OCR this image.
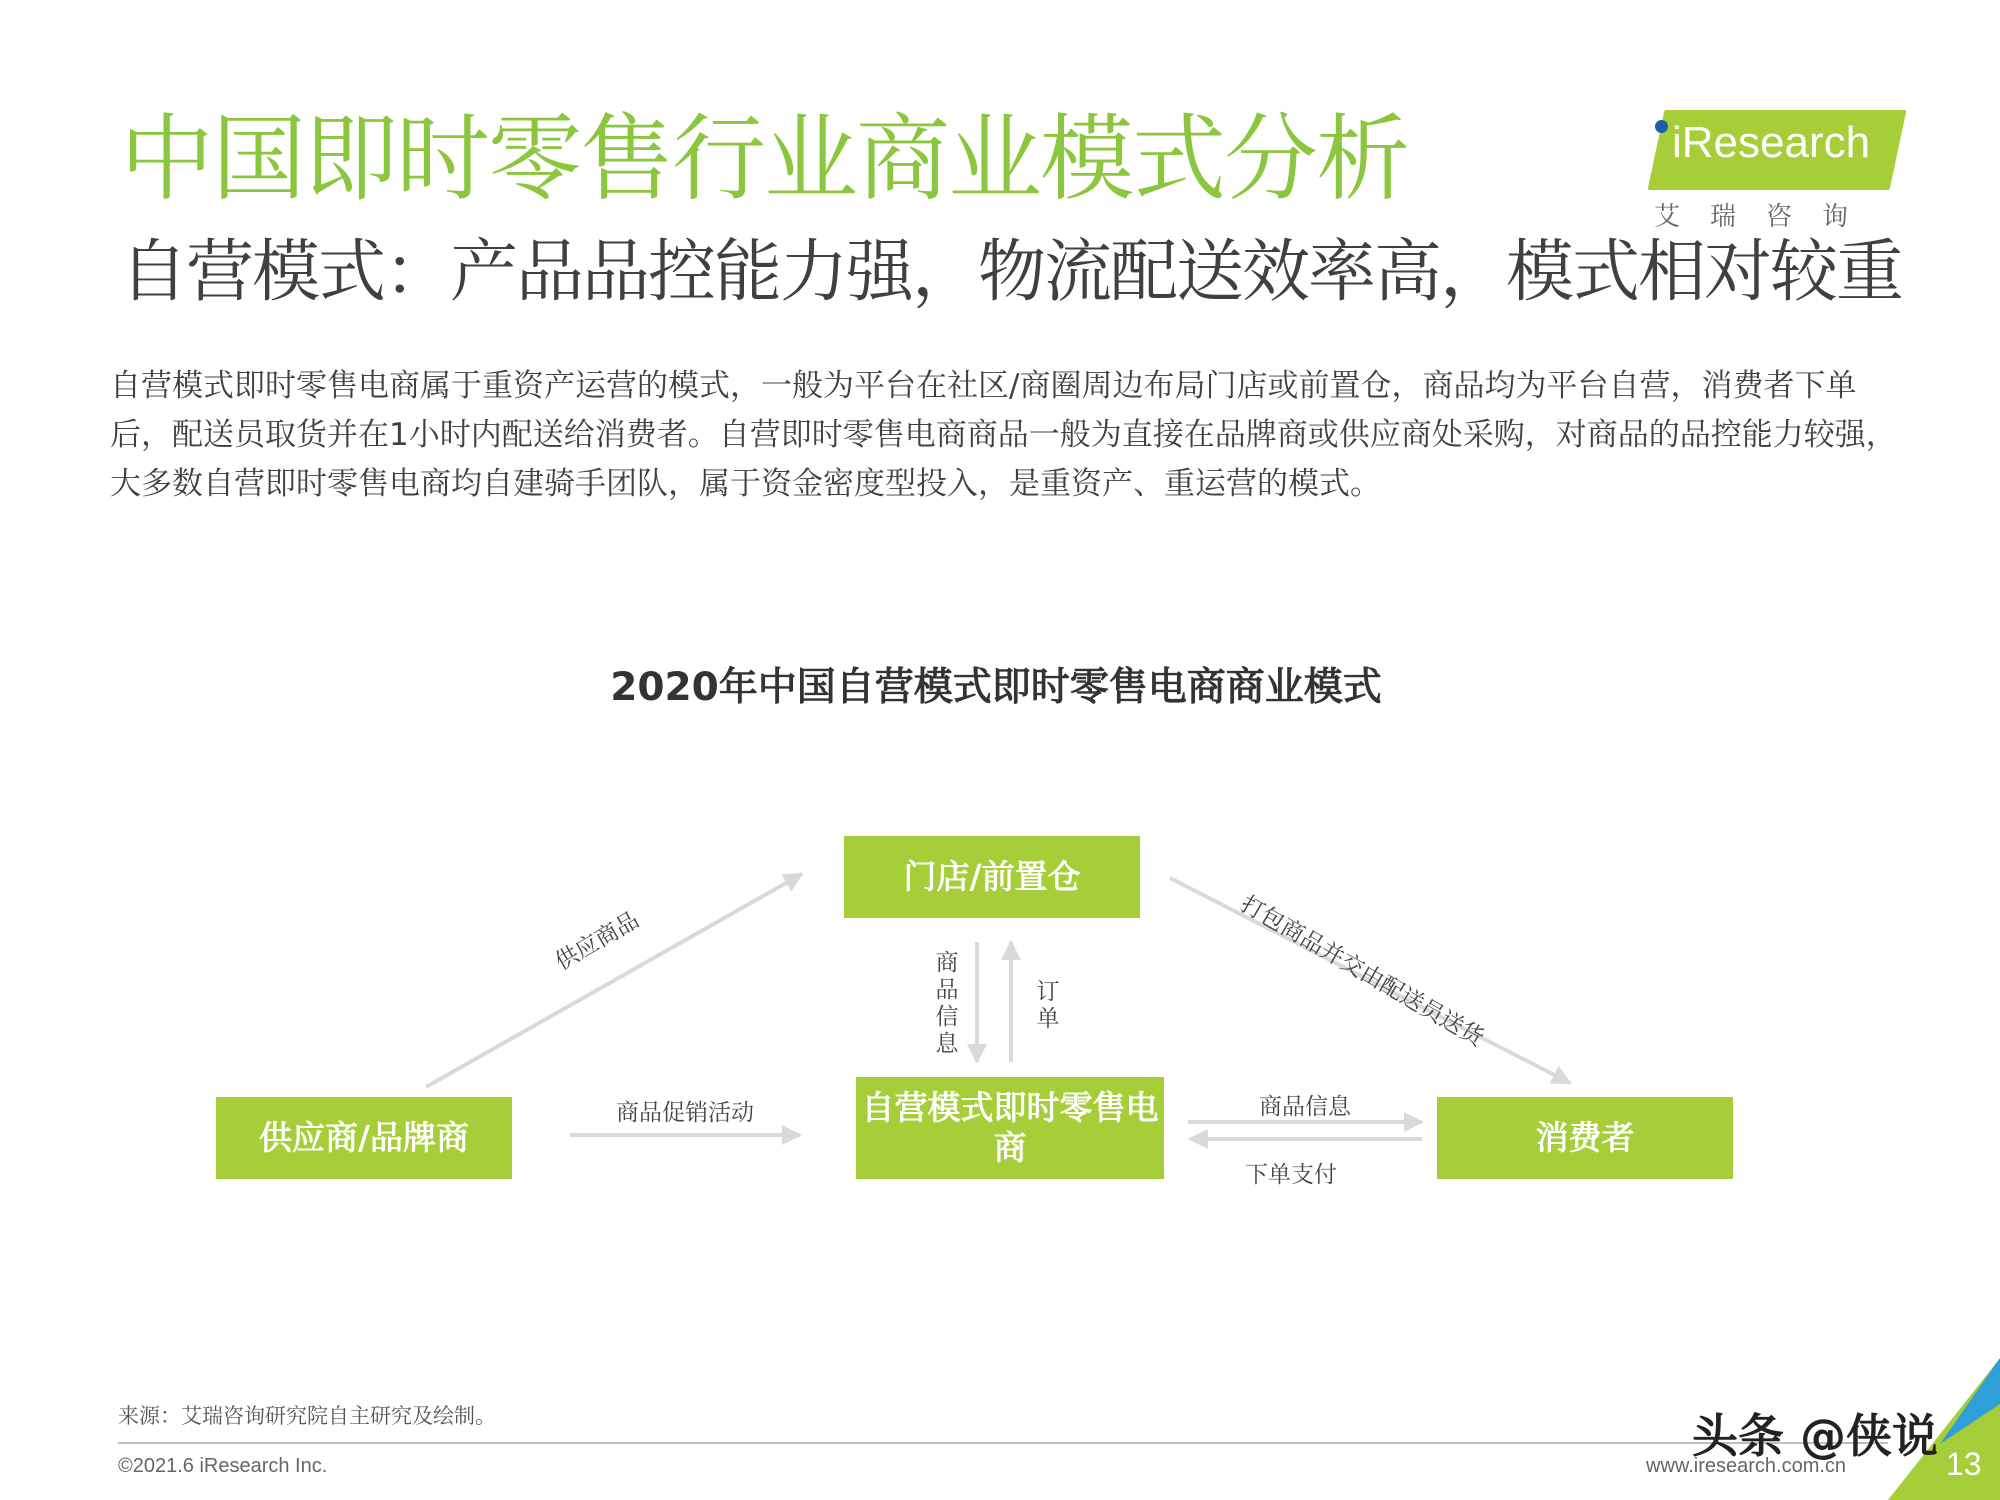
中国即时零售行业商业模式分析
自营模式：产品品控能力强，物流配送效率高，模式相对较重
iResearch
艾瑞咨询
自营模式即时零售电商属于重资产运营的模式，一般为平台在社区/商圈周边布局门店或前置仓，商品均为平台自营，消费者下单后，配送员取货并在1小时内配送给消费者。自营即时零售电商商品一般为直接在品牌商或供应商处采购，对商品的品控能力较强，大多数自营即时零售电商均自建骑手团队，属于资金密度型投入，是重资产、重运营的模式。
2020年中国自营模式即时零售电商商业模式
门店/前置仓
供应商/品牌商
自营模式即时零售电商	消费者
供应商品	打包商品并交由配送员送货
商品信息
订单
商品促销活动	商品信息
下单支付
来源：艾瑞咨询研究院自主研究及绘制。
©2021.6 iResearch Inc.	www.iresearch.com.cn
头条 @侠说
13
